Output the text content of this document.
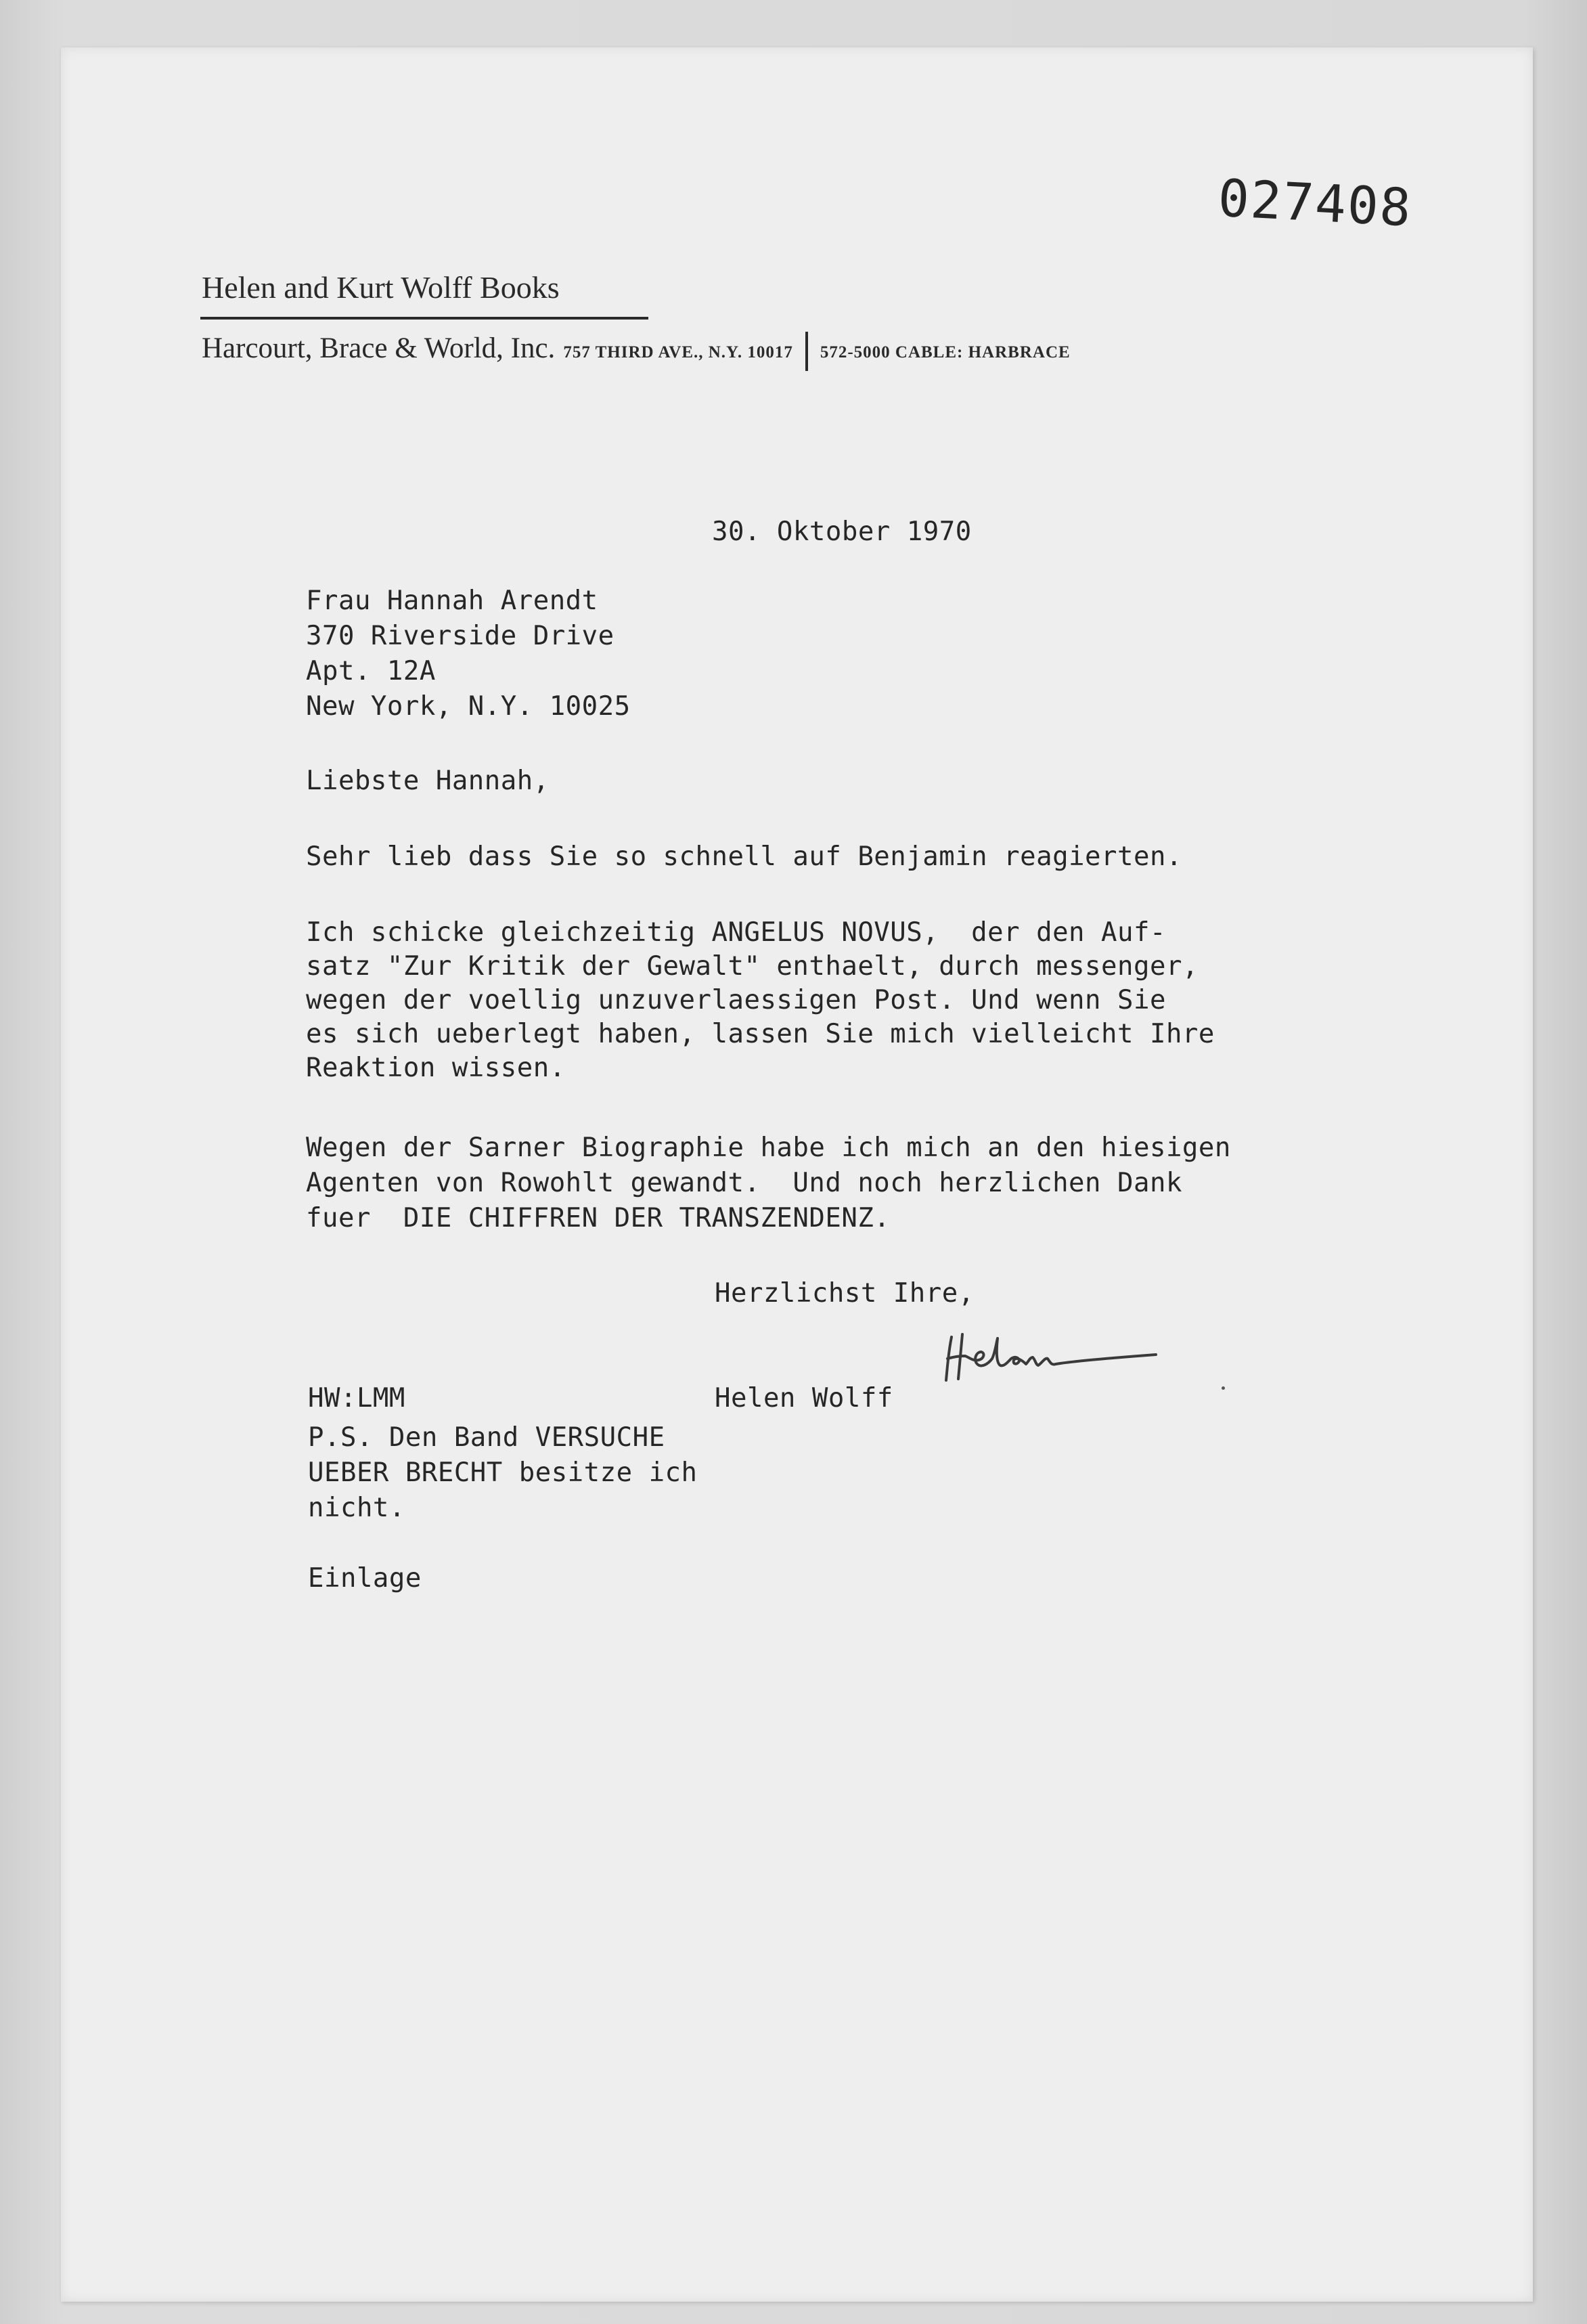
027408
Helen and Kurt Wolff Books
Harcourt, Brace & World, Inc. 757 THIRD AVE., N.Y. 10017 572-5000 CABLE: HARBRACE
30. Oktober 1970
Frau Hannah Arendt
370 Riverside Drive
Apt. 12A
New York, N.Y. 10025
Liebste Hannah,
Sehr lieb dass Sie so schnell auf Benjamin reagierten.
Ich schicke gleichzeitig ANGELUS NOVUS,  der den Auf-
satz "Zur Kritik der Gewalt" enthaelt, durch messenger,
wegen der voellig unzuverlaessigen Post. Und wenn Sie
es sich ueberlegt haben, lassen Sie mich vielleicht Ihre
Reaktion wissen.
Wegen der Sarner Biographie habe ich mich an den hiesigen
Agenten von Rowohlt gewandt.  Und noch herzlichen Dank
fuer  DIE CHIFFREN DER TRANSZENDENZ.
Herzlichst Ihre,
HW:LMM	Helen Wolff
P.S. Den Band VERSUCHE
UEBER BRECHT besitze ich
nicht.
Einlage
